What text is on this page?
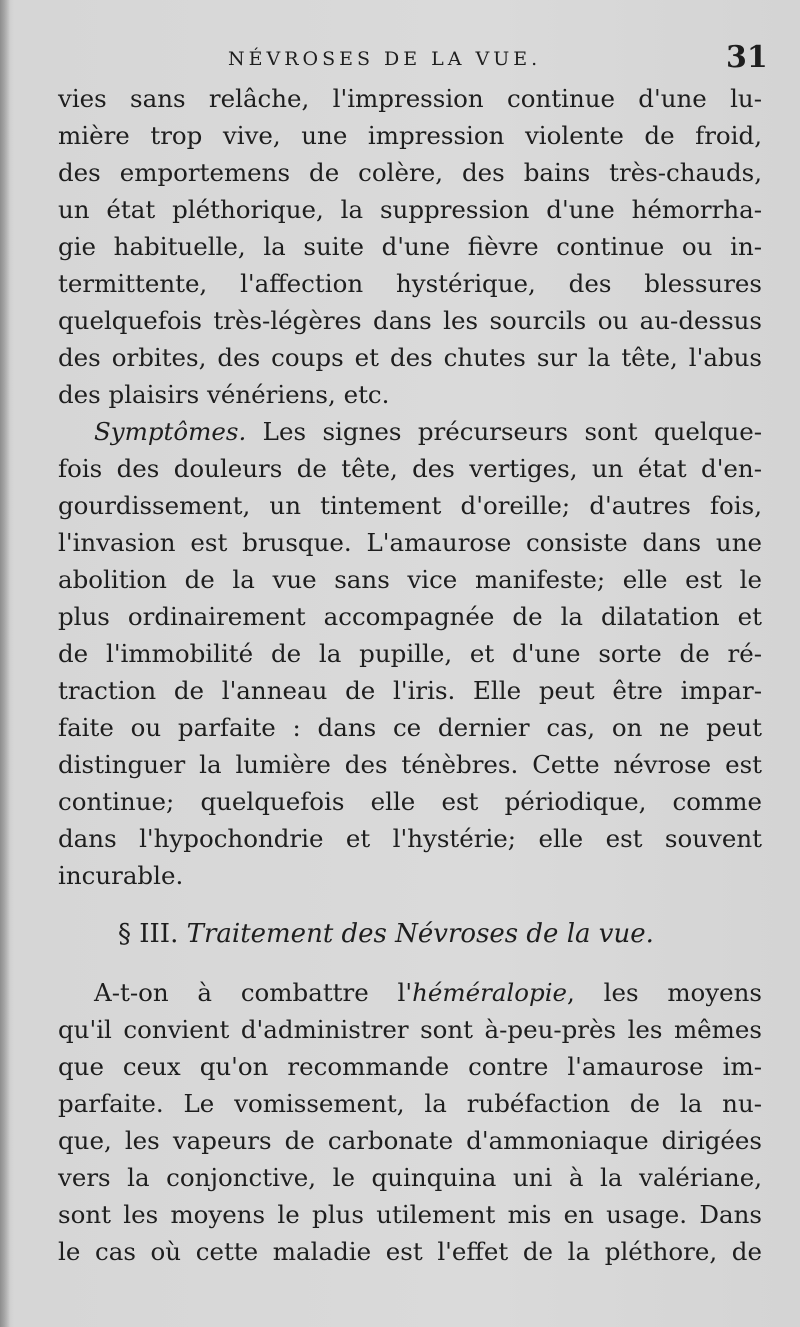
NÉVROSES DE LA VUE.	31
vies sans relâche, l'impression continue d'une lu-
mière trop vive, une impression violente de froid,
des emportemens de colère, des bains très-chauds,
un état pléthorique, la suppression d'une hémorrha-
gie habituelle, la suite d'une fièvre continue ou in-
termittente, l'affection hystérique, des blessures
quelquefois très-légères dans les sourcils ou au-dessus
des orbites, des coups et des chutes sur la tête, l'abus
des plaisirs vénériens, etc.
Symptômes. Les signes précurseurs sont quelque-
fois des douleurs de tête, des vertiges, un état d'en-
gourdissement, un tintement d'oreille; d'autres fois,
l'invasion est brusque. L'amaurose consiste dans une
abolition de la vue sans vice manifeste; elle est le
plus ordinairement accompagnée de la dilatation et
de l'immobilité de la pupille, et d'une sorte de ré-
traction de l'anneau de l'iris. Elle peut être impar-
faite ou parfaite : dans ce dernier cas, on ne peut
distinguer la lumière des ténèbres. Cette névrose est
continue; quelquefois elle est périodique, comme
dans l'hypochondrie et l'hystérie; elle est souvent
incurable.
§ III. Traitement des Névroses de la vue.
A-t-on à combattre l'héméralopie, les moyens
qu'il convient d'administrer sont à-peu-près les mêmes
que ceux qu'on recommande contre l'amaurose im-
parfaite. Le vomissement, la rubéfaction de la nu-
que, les vapeurs de carbonate d'ammoniaque dirigées
vers la conjonctive, le quinquina uni à la valériane,
sont les moyens le plus utilement mis en usage. Dans
le cas où cette maladie est l'effet de la pléthore, de
